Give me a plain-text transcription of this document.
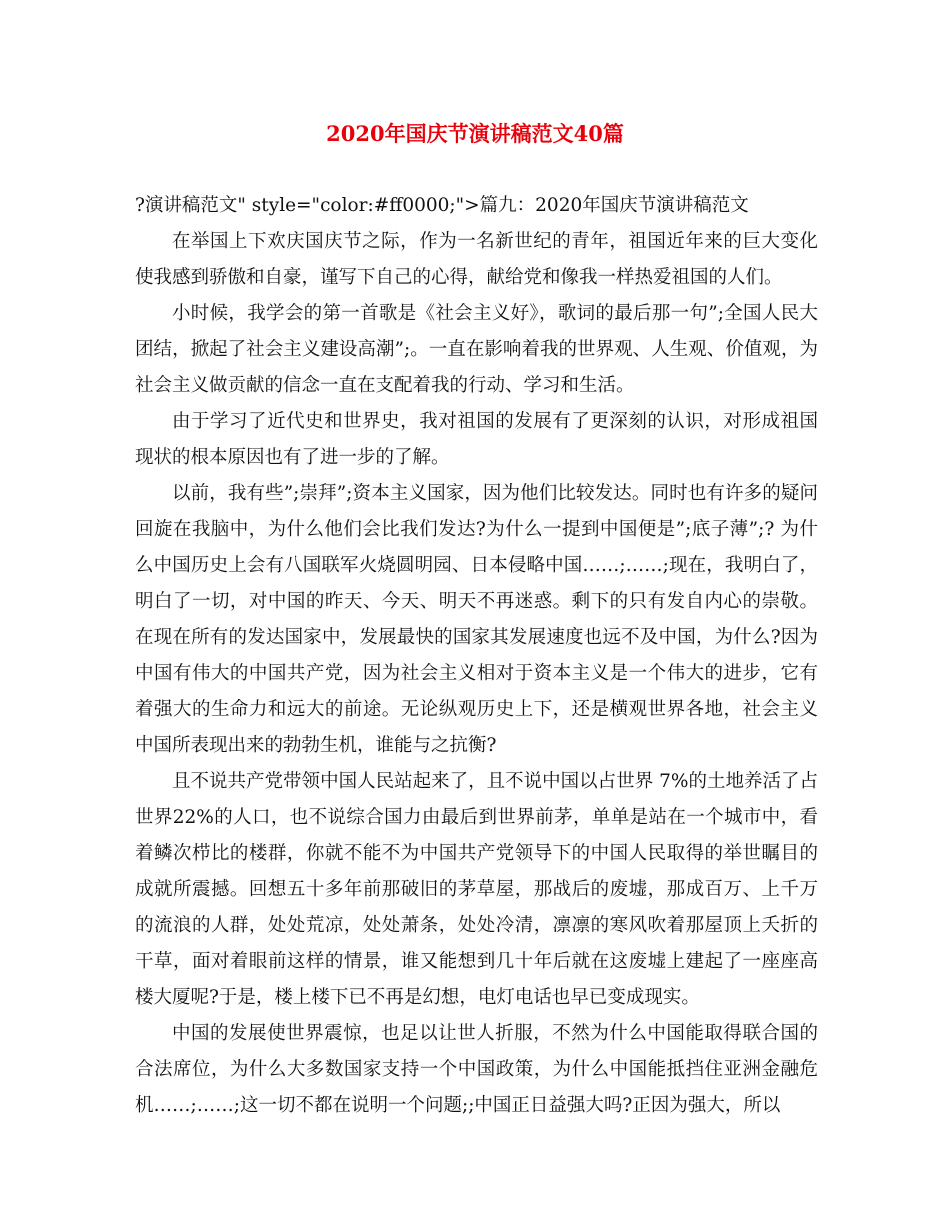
2020年国庆节演讲稿范文40篇

?演讲稿范文" style="color:#ff0000;">篇九：2020年国庆节演讲稿范文

在举国上下欢庆国庆节之际，作为一名新世纪的青年，祖国近年来的巨大变化使我感到骄傲和自豪，谨写下自己的心得，献给党和像我一样热爱祖国的人们。

小时候，我学会的第一首歌是《社会主义好》，歌词的最后那一句”;全国人民大团结，掀起了社会主义建设高潮”;。一直在影响着我的世界观、人生观、价值观，为社会主义做贡献的信念一直在支配着我的行动、学习和生活。

由于学习了近代史和世界史，我对祖国的发展有了更深刻的认识，对形成祖国现状的根本原因也有了进一步的了解。

以前，我有些”;崇拜”;资本主义国家，因为他们比较发达。同时也有许多的疑问回旋在我脑中，为什么他们会比我们发达?为什么一提到中国便是”;底子薄”;? 为什么中国历史上会有八国联军火烧圆明园、日本侵略中国……;……;现在，我明白了，明白了一切，对中国的昨天、今天、明天不再迷惑。剩下的只有发自内心的崇敬。在现在所有的发达国家中，发展最快的国家其发展速度也远不及中国，为什么?因为中国有伟大的中国共产党，因为社会主义相对于资本主义是一个伟大的进步，它有着强大的生命力和远大的前途。无论纵观历史上下，还是横观世界各地，社会主义中国所表现出来的勃勃生机，谁能与之抗衡?

且不说共产党带领中国人民站起来了，且不说中国以占世界 7%的土地养活了占世界22%的人口，也不说综合国力由最后到世界前茅，单单是站在一个城市中，看着鳞次栉比的楼群，你就不能不为中国共产党领导下的中国人民取得的举世瞩目的成就所震撼。回想五十多年前那破旧的茅草屋，那战后的废墟，那成百万、上千万的流浪的人群，处处荒凉，处处萧条，处处冷清，凛凛的寒风吹着那屋顶上夭折的干草，面对着眼前这样的情景，谁又能想到几十年后就在这废墟上建起了一座座高楼大厦呢?于是，楼上楼下已不再是幻想，电灯电话也早已变成现实。

中国的发展使世界震惊，也足以让世人折服，不然为什么中国能取得联合国的合法席位，为什么大多数国家支持一个中国政策，为什么中国能抵挡住亚洲金融危机……;……;这一切不都在说明一个问题;;中国正日益强大吗?正因为强大，所以
